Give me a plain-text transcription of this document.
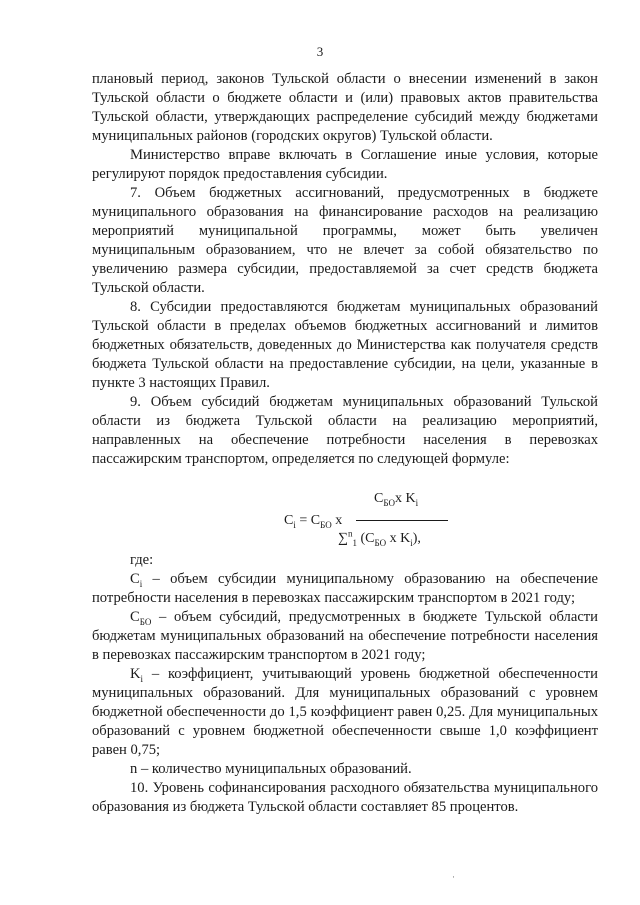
3

плановый период, законов Тульской области о внесении изменений в закон Тульской области о бюджете области и (или) правовых актов правительства Тульской области, утверждающих распределение субсидий между бюджетами муниципальных районов (городских округов) Тульской области.

Министерство вправе включать в Соглашение иные условия, которые регулируют порядок предоставления субсидии.

7. Объем бюджетных ассигнований, предусмотренных в бюджете муниципального образования на финансирование расходов на реализацию мероприятий муниципальной программы, может быть увеличен муниципальным образованием, что не влечет за собой обязательство по увеличению размера субсидии, предоставляемой за счет средств бюджета Тульской области.

8. Субсидии предоставляются бюджетам муниципальных образований Тульской области в пределах объемов бюджетных ассигнований и лимитов бюджетных обязательств, доведенных до Министерства как получателя средств бюджета Тульской области на предоставление субсидии, на цели, указанные в пункте 3 настоящих Правил.

9. Объем субсидий бюджетам муниципальных образований Тульской области из бюджета Тульской области на реализацию мероприятий, направленных на обеспечение потребности населения в перевозках пассажирским транспортом, определяется по следующей формуле:

$C_{БО}x$ $K_i$
$C_i = C_{БО}$ x
∑$^n_1$ ($C_{БО}$ x $K_i$),

где:

$C_i$ – объем субсидии муниципальному образованию на обеспечение потребности населения в перевозках пассажирским транспортом в 2021 году;

$C_{БО}$ – объем субсидий, предусмотренных в бюджете Тульской области бюджетам муниципальных образований на обеспечение потребности населения в перевозках пассажирским транспортом в 2021 году;

$K_i$ – коэффициент, учитывающий уровень бюджетной обеспеченности муниципальных образований. Для муниципальных образований с уровнем бюджетной обеспеченности до 1,5 коэффициент равен 0,25. Для муниципальных образований с уровнем бюджетной обеспеченности свыше 1,0 коэффициент равен 0,75;

n – количество муниципальных образований.

10. Уровень софинансирования расходного обязательства муниципального образования из бюджета Тульской области составляет 85 процентов.

·
